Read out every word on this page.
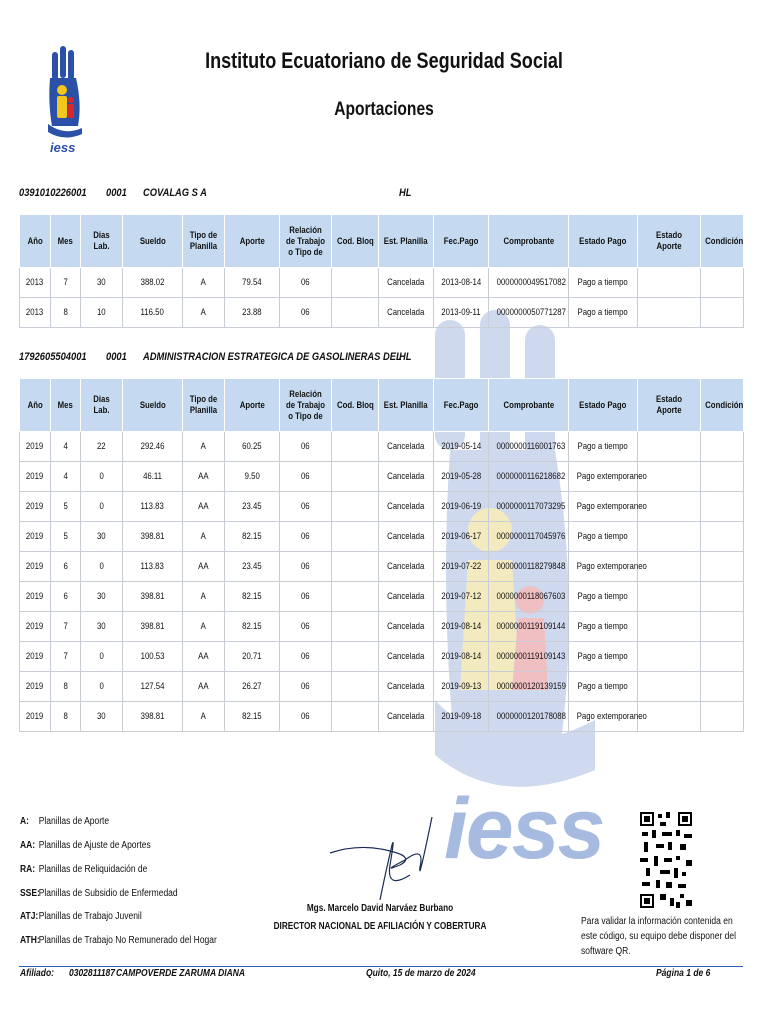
iess
iess
Instituto Ecuatoriano de Seguridad Social
Aportaciones
0391010226001 0001 COVALAG S A	HL
Año	Mes	Dias Lab.	Sueldo	Tipo de Planilla	Aporte	Relación de Trabajo o Tipo de	Cod. Bloq	Est. Planilla	Fec.Pago	Comprobante	Estado Pago	Estado Aporte	Condición
2013	7	30	388.02	A	79.54	06		Cancelada	2013-08-14	0000000049517082	Pago a tiempo		
2013	8	10	116.50	A	23.88	06		Cancelada	2013-09-11	0000000050771287	Pago a tiempo		
1792605504001 0001 ADMINISTRACION ESTRATEGICA DE GASOLINERAS DEL
HL
Año	Mes	Dias Lab.	Sueldo	Tipo de Planilla	Aporte	Relación de Trabajo o Tipo de	Cod. Bloq	Est. Planilla	Fec.Pago	Comprobante	Estado Pago	Estado Aporte	Condición
2019	4	22	292.46	A	60.25	06		Cancelada	2019-05-14	0000000116001763	Pago a tiempo		
2019	4	0	46.11	AA	9.50	06		Cancelada	2019-05-28	0000000116218682	Pago extemporaneo		
2019	5	0	113.83	AA	23.45	06		Cancelada	2019-06-19	0000000117073295	Pago extemporaneo		
2019	5	30	398.81	A	82.15	06		Cancelada	2019-06-17	0000000117045976	Pago a tiempo		
2019	6	0	113.83	AA	23.45	06		Cancelada	2019-07-22	0000000118279848	Pago extemporaneo		
2019	6	30	398.81	A	82.15	06		Cancelada	2019-07-12	0000000118067603	Pago a tiempo		
2019	7	30	398.81	A	82.15	06		Cancelada	2019-08-14	0000000119109144	Pago a tiempo		
2019	7	0	100.53	AA	20.71	06		Cancelada	2019-08-14	0000000119109143	Pago a tiempo		
2019	8	0	127.54	AA	26.27	06		Cancelada	2019-09-13	0000000120139159	Pago a tiempo		
2019	8	30	398.81	A	82.15	06		Cancelada	2019-09-18	0000000120178088	Pago extemporaneo		
A: Planillas de Aporte
AA: Planillas de Ajuste de Aportes
RA: Planillas de Reliquidación de
SSE:Planillas de Subsidio de Enfermedad
ATJ:Planillas de Trabajo Juvenil
ATH:Planillas de Trabajo No Remunerado del Hogar
Mgs. Marcelo David Narváez Burbano
DIRECTOR NACIONAL DE AFILIACIÓN Y COBERTURA	Para validar la información contenida en este código, su equipo debe disponer del software QR.
Afiliado: 0302811187 CAMPOVERDE ZARUMA DIANA	Quito, 15 de marzo de 2024	Página 1 de 6
